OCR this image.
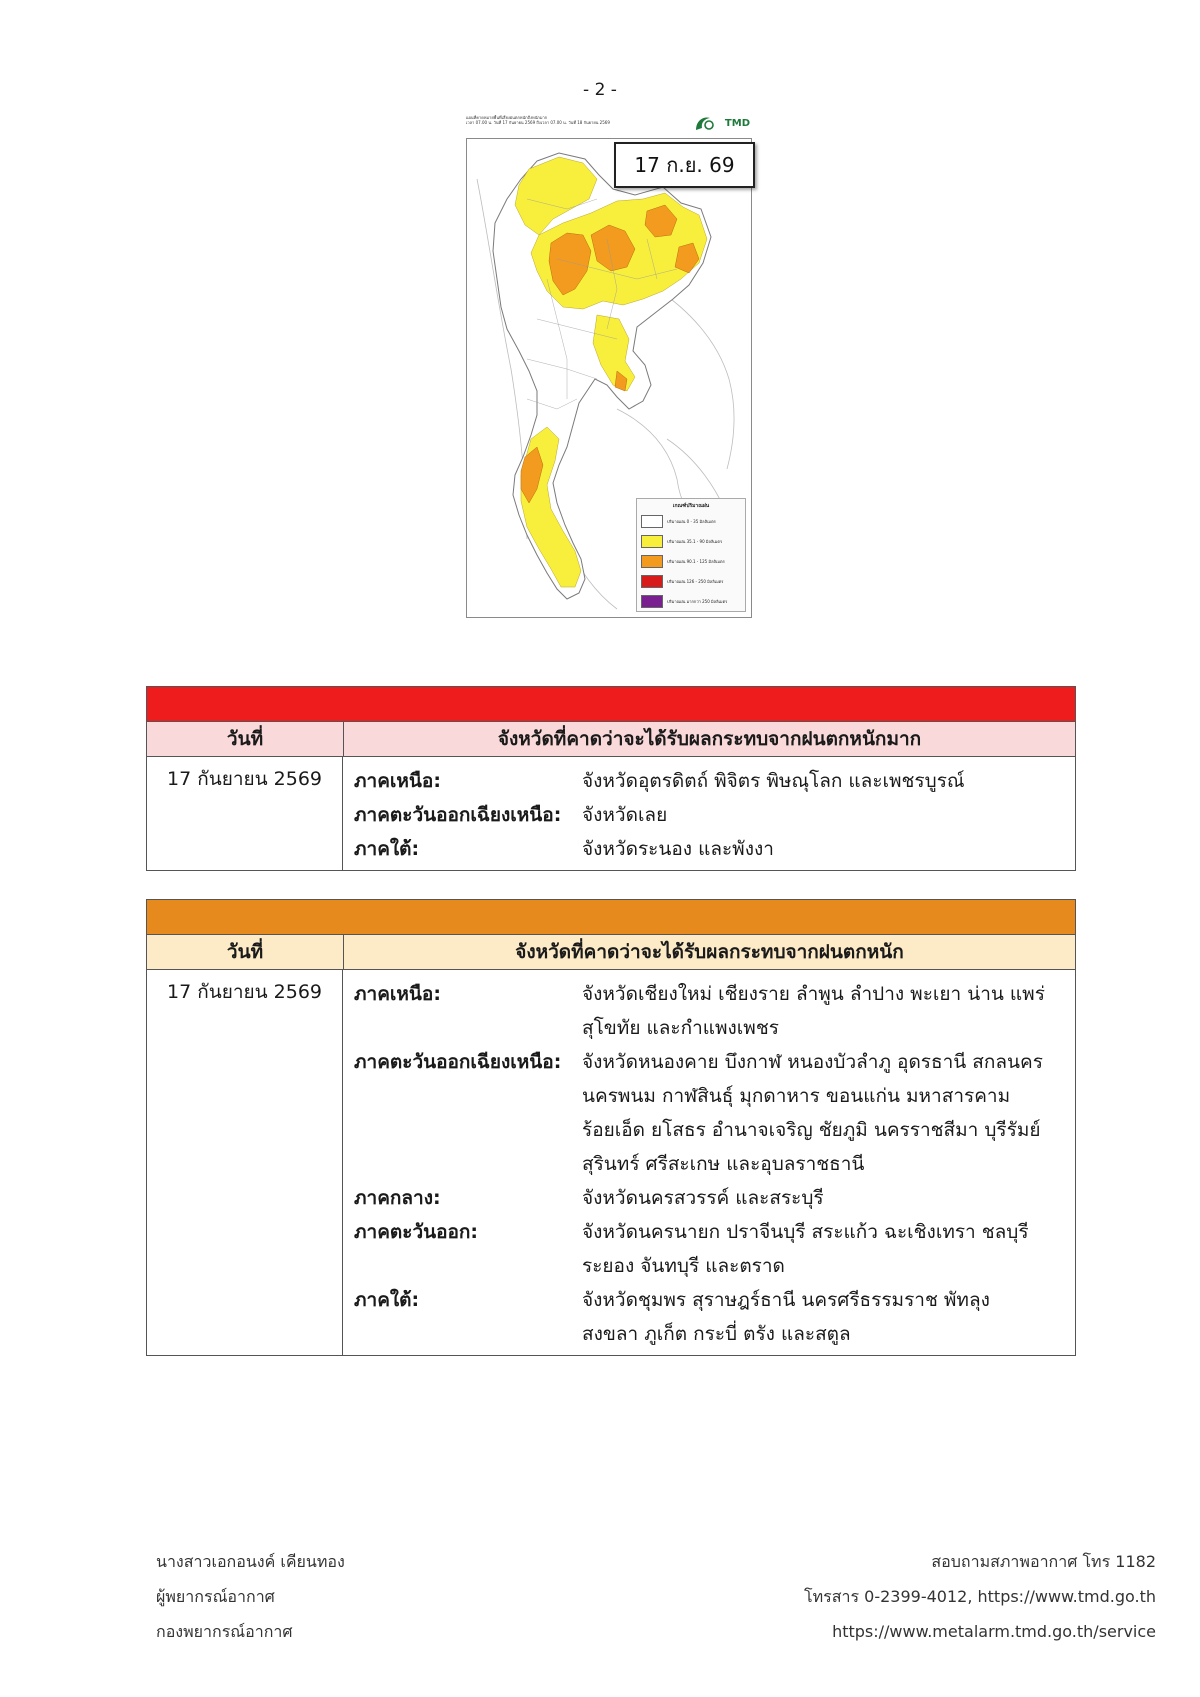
- 2 -
แผนที่คาดหมายพื้นที่เสี่ยงฝนตกหนักถึงหนักมาก
เวลา 07.00 น. วันที่ 17 กันยายน 2569 ถึงเวลา 07.00 น. วันที่ 18 กันยายน 2569	TMD
17 ก.ย. 69
เกณฑ์ปริมาณฝน
ปริมาณฝน 0 - 35 มิลลิเมตร
ปริมาณฝน 35.1 - 90 มิลลิเมตร
ปริมาณฝน 90.1 - 125 มิลลิเมตร
ปริมาณฝน 126 - 250 มิลลิเมตร
ปริมาณฝน มากกว่า 250 มิลลิเมตร
วันที่	จังหวัดที่คาดว่าจะได้รับผลกระทบจากฝนตกหนักมาก
17 กันยายน 2569	ภาคเหนือ:	จังหวัดอุตรดิตถ์ พิจิตร พิษณุโลก และเพชรบูรณ์
ภาคตะวันออกเฉียงเหนือ:	จังหวัดเลย
ภาคใต้:	จังหวัดระนอง และพังงา
วันที่	จังหวัดที่คาดว่าจะได้รับผลกระทบจากฝนตกหนัก
17 กันยายน 2569	ภาคเหนือ:	จังหวัดเชียงใหม่ เชียงราย ลำพูน ลำปาง พะเยา น่าน แพร่ สุโขทัย และกำแพงเพชร
ภาคตะวันออกเฉียงเหนือ:	จังหวัดหนองคาย บึงกาฬ หนองบัวลำภู อุดรธานี สกลนคร นครพนม กาฬสินธุ์ มุกดาหาร ขอนแก่น มหาสารคาม ร้อยเอ็ด ยโสธร อำนาจเจริญ ชัยภูมิ นครราชสีมา บุรีรัมย์ สุรินทร์ ศรีสะเกษ และอุบลราชธานี
ภาคกลาง:	จังหวัดนครสวรรค์ และสระบุรี
ภาคตะวันออก:	จังหวัดนครนายก ปราจีนบุรี สระแก้ว ฉะเชิงเทรา ชลบุรี ระยอง จันทบุรี และตราด
ภาคใต้:	จังหวัดชุมพร สุราษฎร์ธานี นครศรีธรรมราช พัทลุง สงขลา ภูเก็ต กระบี่ ตรัง และสตูล
นางสาวเอกอนงค์ เคียนทอง
ผู้พยากรณ์อากาศ
กองพยากรณ์อากาศ
สอบถามสภาพอากาศ โทร 1182
โทรสาร 0-2399-4012, https://www.tmd.go.th
https://www.metalarm.tmd.go.th/service
